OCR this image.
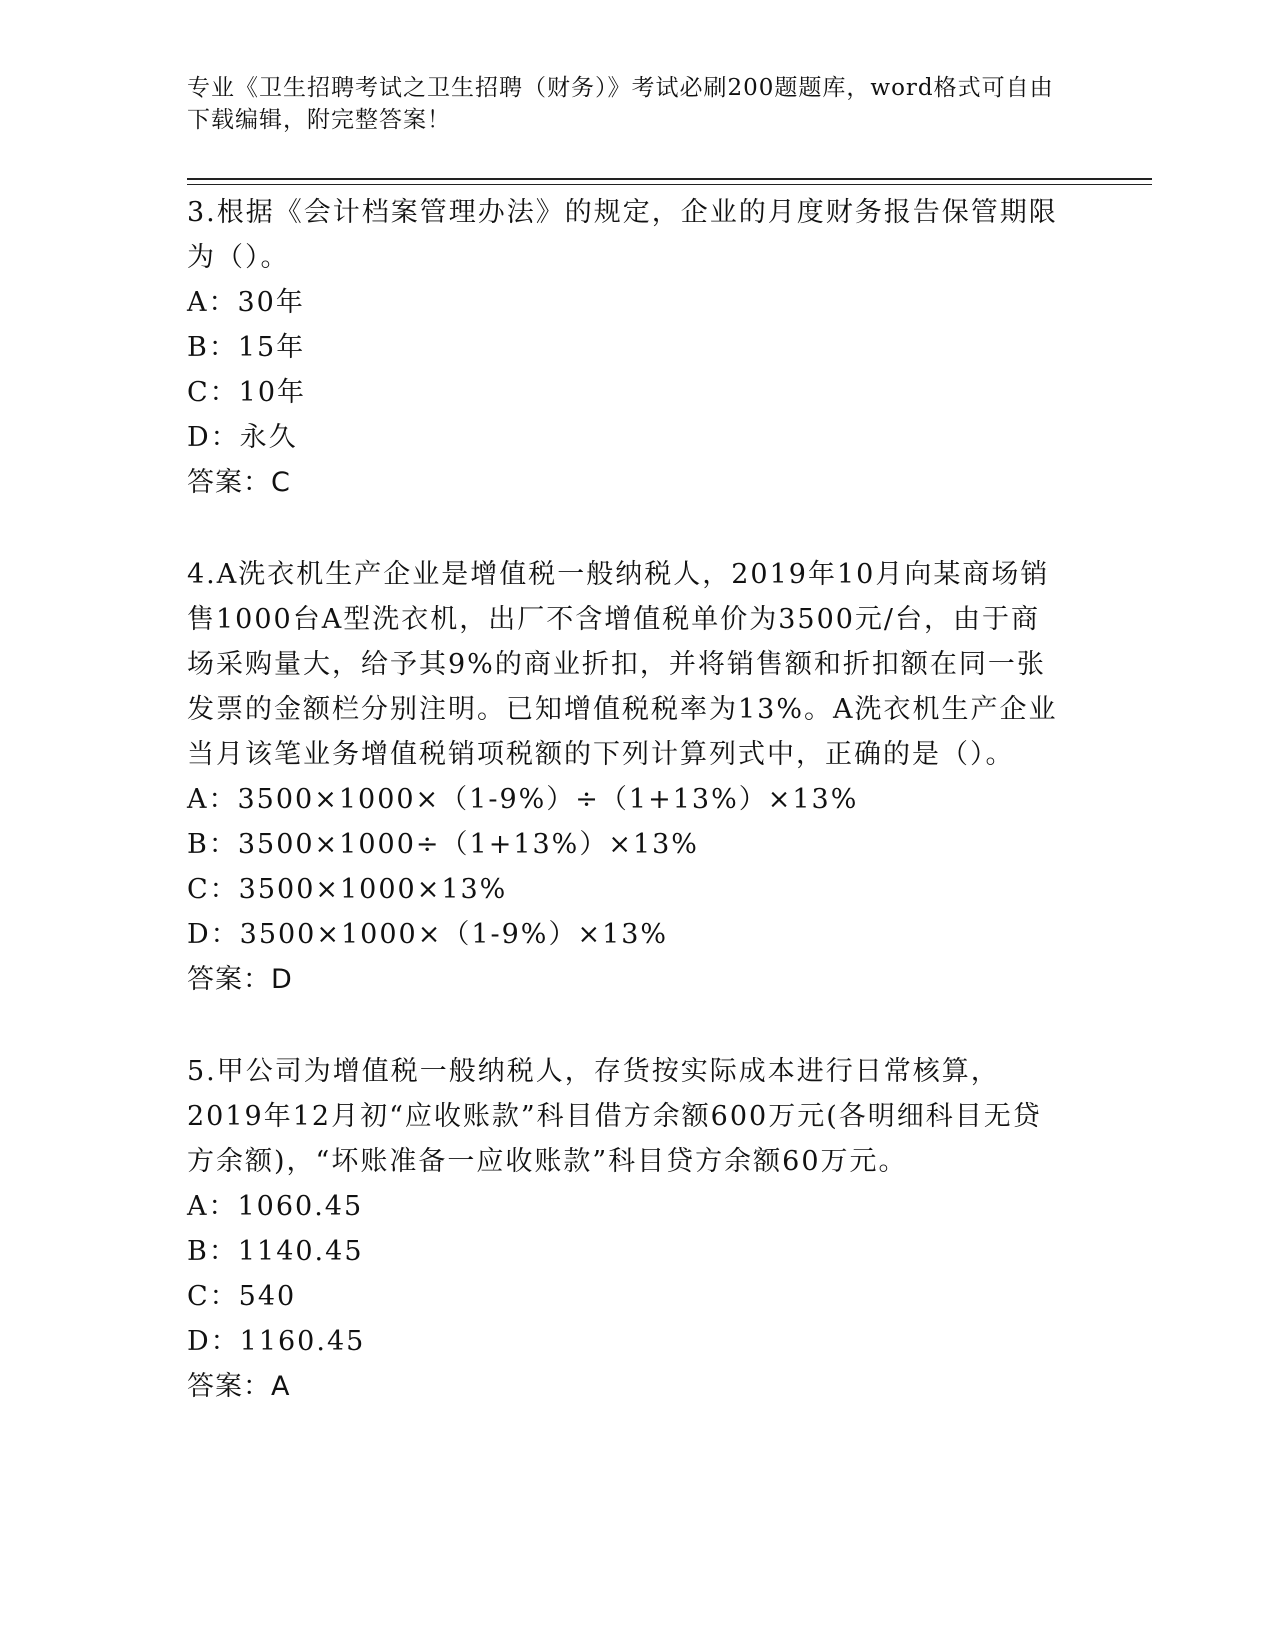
专业《卫生招聘考试之卫生招聘（财务）》考试必刷200题题库，word格式可自由下载编辑，附完整答案！
3.根据《会计档案管理办法》的规定，企业的月度财务报告保管期限为（）。
A：30年
B：15年
C：10年
D：永久
答案：C
4.A洗衣机生产企业是增值税一般纳税人，2019年10月向某商场销售1000台A型洗衣机，出厂不含增值税单价为3500元/台，由于商场采购量大，给予其9%的商业折扣，并将销售额和折扣额在同一张发票的金额栏分别注明。已知增值税税率为13%。A洗衣机生产企业当月该笔业务增值税销项税额的下列计算列式中，正确的是（）。
A：3500×1000×（1-9%）÷（1+13%）×13%
B：3500×1000÷（1+13%）×13%
C：3500×1000×13%
D：3500×1000×（1-9%）×13%
答案：D
5.甲公司为增值税一般纳税人，存货按实际成本进行日常核算，2019年12月初“应收账款”科目借方余额600万元(各明细科目无贷方余额)，“坏账准备一应收账款”科目贷方余额60万元。
A：1060.45
B：1140.45
C：540
D：1160.45
答案：A
